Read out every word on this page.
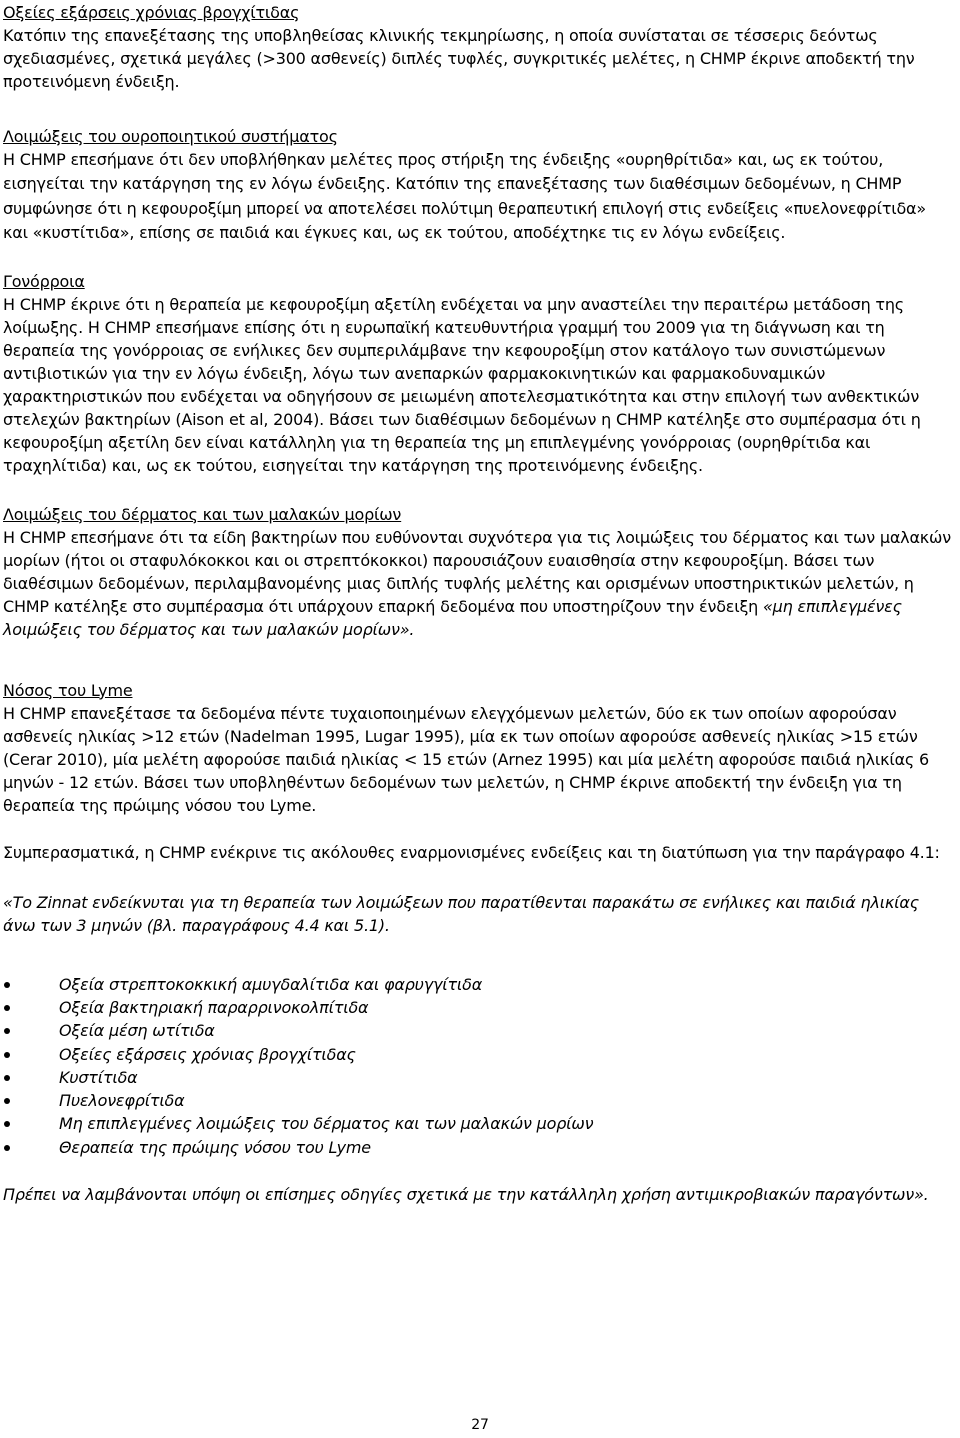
Οξείες εξάρσεις χρόνιας βρογχίτιδας

Κατόπιν της επανεξέτασης της υποβληθείσας κλινικής τεκμηρίωσης, η οποία συνίσταται σε τέσσερις δεόντως σχεδιασμένες, σχετικά μεγάλες (>300 ασθενείς) διπλές τυφλές, συγκριτικές μελέτες, η CHMP έκρινε αποδεκτή την προτεινόμενη ένδειξη.

Λοιμώξεις του ουροποιητικού συστήματος

Η CHMP επεσήμανε ότι δεν υποβλήθηκαν μελέτες προς στήριξη της ένδειξης «ουρηθρίτιδα» και, ως εκ τούτου, εισηγείται την κατάργηση της εν λόγω ένδειξης. Κατόπιν της επανεξέτασης των διαθέσιμων δεδομένων, η CHMP συμφώνησε ότι η κεφουροξίμη μπορεί να αποτελέσει πολύτιμη θεραπευτική επιλογή στις ενδείξεις «πυελονεφρίτιδα» και «κυστίτιδα», επίσης σε παιδιά και έγκυες και, ως εκ τούτου, αποδέχτηκε τις εν λόγω ενδείξεις.

Γονόρροια

Η CHMP έκρινε ότι η θεραπεία με κεφουροξίμη αξετίλη ενδέχεται να μην αναστείλει την περαιτέρω μετάδοση της λοίμωξης. Η CHMP επεσήμανε επίσης ότι η ευρωπαϊκή κατευθυντήρια γραμμή του 2009 για τη διάγνωση και τη θεραπεία της γονόρροιας σε ενήλικες δεν συμπεριλάμβανε την κεφουροξίμη στον κατάλογο των συνιστώμενων αντιβιοτικών για την εν λόγω ένδειξη, λόγω των ανεπαρκών φαρμακοκινητικών και φαρμακοδυναμικών χαρακτηριστικών που ενδέχεται να οδηγήσουν σε μειωμένη αποτελεσματικότητα και στην επιλογή των ανθεκτικών στελεχών βακτηρίων (Aison et al, 2004). Βάσει των διαθέσιμων δεδομένων η CHMP κατέληξε στο συμπέρασμα ότι η κεφουροξίμη αξετίλη δεν είναι κατάλληλη για τη θεραπεία της μη επιπλεγμένης γονόρροιας (ουρηθρίτιδα και τραχηλίτιδα) και, ως εκ τούτου, εισηγείται την κατάργηση της προτεινόμενης ένδειξης.

Λοιμώξεις του δέρματος και των μαλακών μορίων

Η CHMP επεσήμανε ότι τα είδη βακτηρίων που ευθύνονται συχνότερα για τις λοιμώξεις του δέρματος και των μαλακών μορίων (ήτοι οι σταφυλόκοκκοι και οι στρεπτόκοκκοι) παρουσιάζουν ευαισθησία στην κεφουροξίμη. Βάσει των διαθέσιμων δεδομένων, περιλαμβανομένης μιας διπλής τυφλής μελέτης και ορισμένων υποστηρικτικών μελετών, η CHMP κατέληξε στο συμπέρασμα ότι υπάρχουν επαρκή δεδομένα που υποστηρίζουν την ένδειξη «μη επιπλεγμένες λοιμώξεις του δέρματος και των μαλακών μορίων».

Νόσος του Lyme

Η CHMP επανεξέτασε τα δεδομένα πέντε τυχαιοποιημένων ελεγχόμενων μελετών, δύο εκ των οποίων αφορούσαν ασθενείς ηλικίας >12 ετών (Nadelman 1995, Lugar 1995), μία εκ των οποίων αφορούσε ασθενείς ηλικίας >15 ετών (Cerar 2010), μία μελέτη αφορούσε παιδιά ηλικίας < 15 ετών (Arnez 1995) και μία μελέτη αφορούσε παιδιά ηλικίας 6 μηνών - 12 ετών. Βάσει των υποβληθέντων δεδομένων των μελετών, η CHMP έκρινε αποδεκτή την ένδειξη για τη θεραπεία της πρώιμης νόσου του Lyme.

Συμπερασματικά, η CHMP ενέκρινε τις ακόλουθες εναρμονισμένες ενδείξεις και τη διατύπωση για την παράγραφο 4.1:

«Το Zinnat ενδείκνυται για τη θεραπεία των λοιμώξεων που παρατίθενται παρακάτω σε ενήλικες και παιδιά ηλικίας άνω των 3 μηνών (βλ. παραγράφους 4.4 και 5.1).

Οξεία στρεπτοκοκκική αμυγδαλίτιδα και φαρυγγίτιδα
Οξεία βακτηριακή παραρρινοκολπίτιδα
Οξεία μέση ωτίτιδα
Οξείες εξάρσεις χρόνιας βρογχίτιδας
Κυστίτιδα
Πυελονεφρίτιδα
Μη επιπλεγμένες λοιμώξεις του δέρματος και των μαλακών μορίων
Θεραπεία της πρώιμης νόσου του Lyme

Πρέπει να λαμβάνονται υπόψη οι επίσημες οδηγίες σχετικά με την κατάλληλη χρήση αντιμικροβιακών παραγόντων».

27
